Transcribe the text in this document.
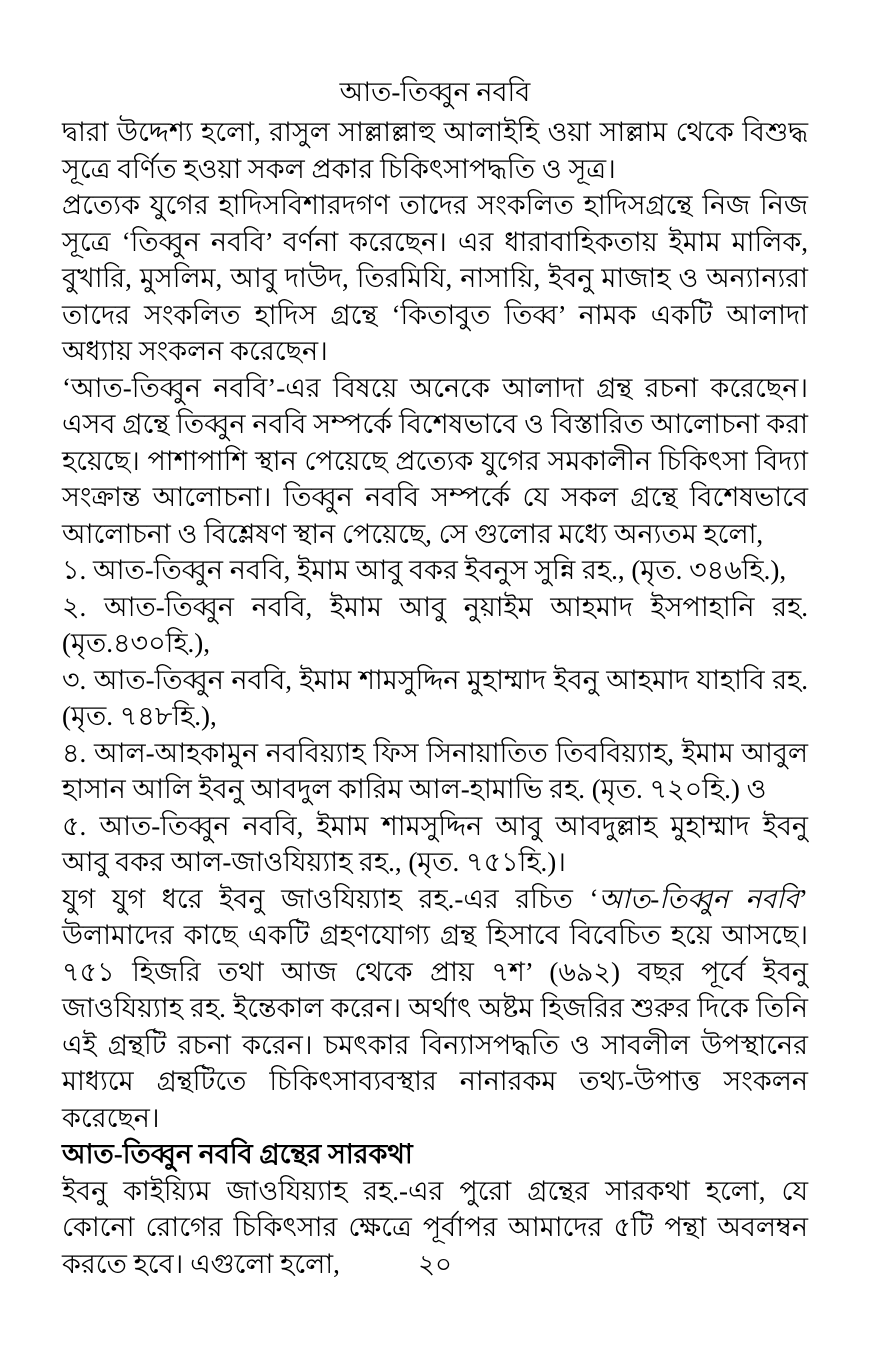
আত-তিব্বুন নববি

দ্বারা উদ্দেশ্য হলো, রাসুল সাল্লাল্লাহু আলাইহি ওয়া সাল্লাম থেকে বিশুদ্ধ সূত্রে বর্ণিত হওয়া সকল প্রকার চিকিৎসাপদ্ধতি ও সূত্র।

প্রত্যেক যুগের হাদিসবিশারদগণ তাদের সংকলিত হাদিসগ্রন্থে নিজ নিজ সূত্রে ‘তিব্বুন নববি’ বর্ণনা করেছেন। এর ধারাবাহিকতায় ইমাম মালিক, বুখারি, মুসলিম, আবু দাউদ, তিরমিযি, নাসায়ি, ইবনু মাজাহ ও অন্যান্যরা তাদের সংকলিত হাদিস গ্রন্থে ‘কিতাবুত তিব্ব’ নামক একটি আলাদা অধ্যায় সংকলন করেছেন।

‘আত-তিব্বুন নববি’-এর বিষয়ে অনেকে আলাদা গ্রন্থ রচনা করেছেন। এসব গ্রন্থে তিব্বুন নববি সম্পর্কে বিশেষভাবে ও বিস্তারিত আলোচনা করা হয়েছে। পাশাপাশি স্থান পেয়েছে প্রত্যেক যুগের সমকালীন চিকিৎসা বিদ্যা সংক্রান্ত আলোচনা। তিব্বুন নববি সম্পর্কে যে সকল গ্রন্থে বিশেষভাবে আলোচনা ও বিশ্লেষণ স্থান পেয়েছে, সে গুলোর মধ্যে অন্যতম হলো,

১. আত-তিব্বুন নববি, ইমাম আবু বকর ইবনুস সুন্নি রহ., (মৃত. ৩৪৬হি.),

২. আত-তিব্বুন নববি, ইমাম আবু নুয়াইম আহমাদ ইসপাহানি রহ. (মৃত.৪৩০হি.),

৩. আত-তিব্বুন নববি, ইমাম শামসুদ্দিন মুহাম্মাদ ইবনু আহমাদ যাহাবি রহ. (মৃত. ৭৪৮হি.),

৪. আল-আহকামুন নববিয়্যাহ ফিস সিনায়াতিত তিববিয়্যাহ, ইমাম আবুল হাসান আলি ইবনু আবদুল কারিম আল-হামাভি রহ. (মৃত. ৭২০হি.) ও

৫. আত-তিব্বুন নববি, ইমাম শামসুদ্দিন আবু আবদুল্লাহ মুহাম্মাদ ইবনু আবু বকর আল-জাওযিয়্যাহ রহ., (মৃত. ৭৫১হি.)।

যুগ যুগ ধরে ইবনু জাওযিয়্যাহ রহ.-এর রচিত ‘আত-তিব্বুন নববি’ উলামাদের কাছে একটি গ্রহণযোগ্য গ্রন্থ হিসাবে বিবেচিত হয়ে আসছে। ৭৫১ হিজরি তথা আজ থেকে প্রায় ৭শ’ (৬৯২) বছর পূর্বে ইবনু জাওযিয়্যাহ রহ. ইন্তেকাল করেন। অর্থাৎ অষ্টম হিজরির শুরুর দিকে তিনি এই গ্রন্থটি রচনা করেন। চমৎকার বিন্যাসপদ্ধতি ও সাবলীল উপস্থানের মাধ্যমে গ্রন্থটিতে চিকিৎসাব্যবস্থার নানারকম তথ্য-উপাত্ত সংকলন করেছেন।

আত-তিব্বুন নববি গ্রন্থের সারকথা

ইবনু কাইয়্যিম জাওযিয়্যাহ রহ.-এর পুরো গ্রন্থের সারকথা হলো, যে কোনো রোগের চিকিৎসার ক্ষেত্রে পূর্বাপর আমাদের ৫টি পন্থা অবলম্বন করতে হবে। এগুলো হলো,	২০
